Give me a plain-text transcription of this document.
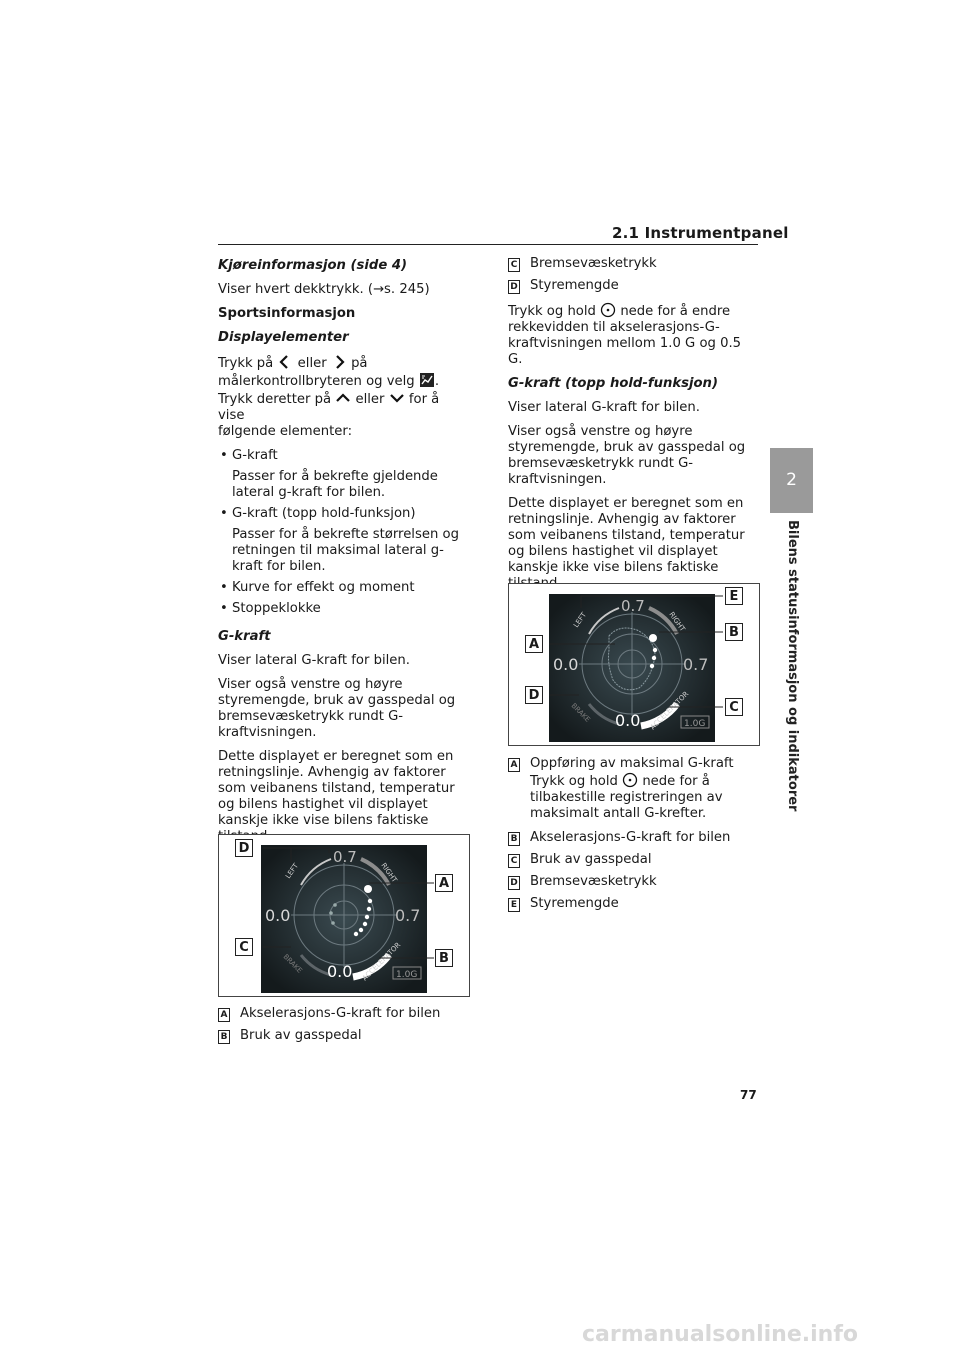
2.1 Instrumentpanel
2
Bilens statusinformasjon og indikatorer

Kjøreinformasjon (side 4)

Viser hvert dekktrykk. (→s. 245)

Sportsinformasjon

Displayelementer

Trykk på eller på
målerkontrollbryteren og velg .
Trykk deretter på eller for å vise
følgende elementer:

• G-kraft
Passer for å bekrefte gjeldende lateral g-kraft for bilen.
• G-kraft (topp hold-funksjon)
Passer for å bekrefte størrelsen og retningen til maksimal lateral g-kraft for bilen.
• Kurve for effekt og moment
• Stoppeklokke

G-kraft

Viser lateral G-kraft for bilen.

Viser også venstre og høyre styremengde, bruk av gasspedal og bremsevæsketrykk rundt G-kraftvisningen.

Dette displayet er beregnet som en retningslinje. Avhengig av faktorer som veibanens tilstand, temperatur og bilens hastighet vil displayet kanskje ikke vise bilens faktiske

0.7
0.0	0.7
0.0
LEFT	RIGHT
BRAKE	ACCELERATOR
1.0G
D
A
C
B
A Akselerasjons-G-kraft for bilen
B Bruk av gasspedal
C Bremsevæsketrykk
D Styremengde

Trykk og hold nede for å endre rekkevidden til akselerasjons-G-kraftvisningen mellom 1.0 G og 0.5 G.

G-kraft (topp hold-funksjon)

Viser lateral G-kraft for bilen.

Viser også venstre og høyre styremengde, bruk av gasspedal og bremsevæsketrykk rundt G-kraftvisningen.

Dette displayet er beregnet som en retningslinje. Avhengig av faktorer som veibanens tilstand, temperatur og bilens hastighet vil displayet kanskje ikke vise bilens faktiske

0.7
0.0	0.7
0.0
LEFT	RIGHT
BRAKE	ACCELERATOR
1.0G
E
A
B
D
C
A Oppføring av maksimal G-kraft
Trykk og hold nede for å
tilbakestille registreringen av maksimalt antall G-krefter.
B Akselerasjons-G-kraft for bilen
C Bruk av gasspedal
D Bremsevæsketrykk
E Styremengde
77
carmanualsonline.info
